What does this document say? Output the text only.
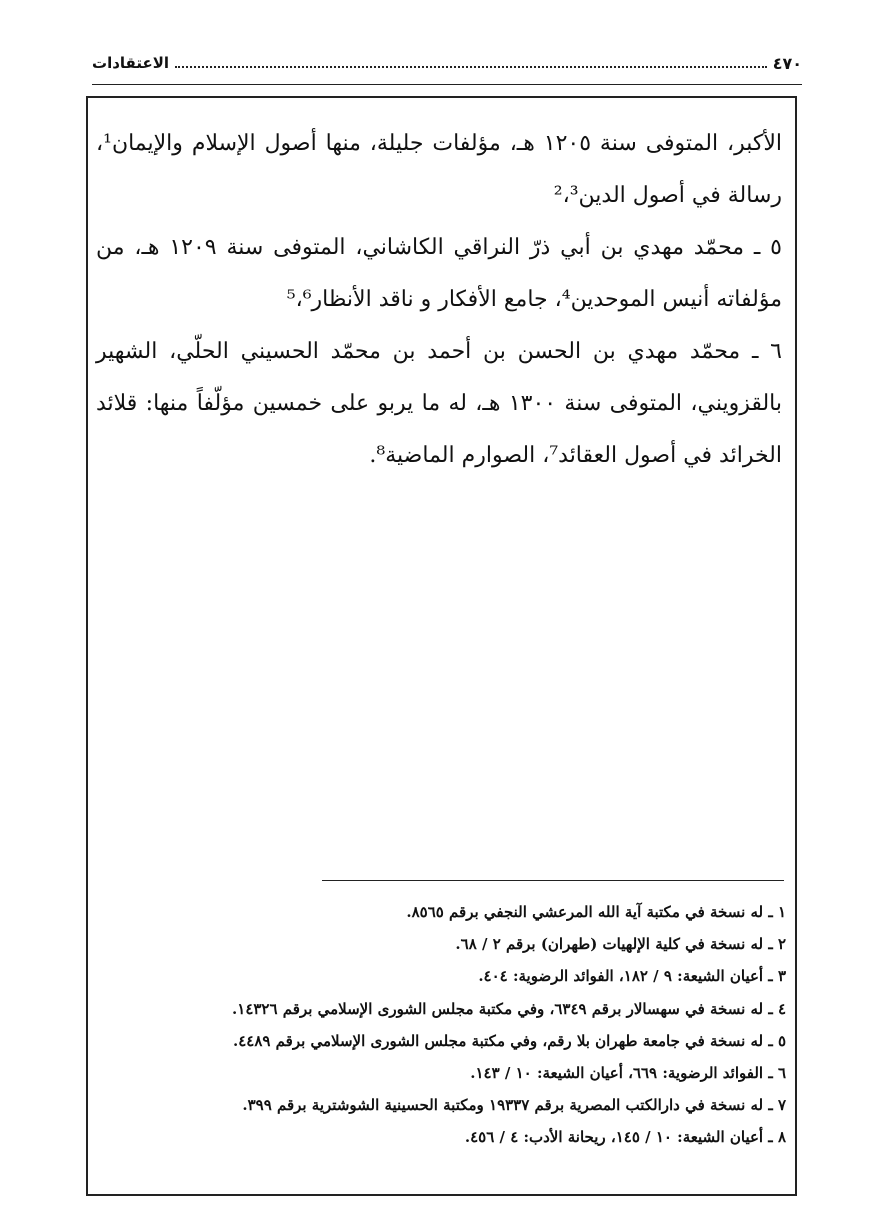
٤٧٠
الاعتقادات

الأكبر، المتوفى سنة ١٢٠٥ هـ، مؤلفات جليلة، منها أصول الإسلام والإيمان¹، رسالة في أصول الدين²،³

٥ ـ محمّد مهدي بن أبي ذرّ النراقي الكاشاني، المتوفى سنة ١٢٠٩ هـ، من مؤلفاته أنيس الموحدين⁴، جامع الأفكار و ناقد الأنظار⁵،⁶

٦ ـ محمّد مهدي بن الحسن بن أحمد بن محمّد الحسيني الحلّي، الشهير بالقزويني، المتوفى سنة ١٣٠٠ هـ، له ما يربو على خمسين مؤلّفاً منها: قلائد الخرائد في أصول العقائد⁷، الصوارم الماضية⁸.

١ ـ له نسخة في مكتبة آية الله المرعشي النجفي برقم ٨٥٦٥.
٢ ـ له نسخة في كلية الإلهيات (طهران) برقم ٢ / ٦٨.
٣ ـ أعيان الشيعة: ٩ / ١٨٢، الفوائد الرضوية: ٤٠٤.
٤ ـ له نسخة في سهسالار برقم ٦٣٤٩، وفي مكتبة مجلس الشورى الإسلامي برقم ١٤٣٢٦.
٥ ـ له نسخة في جامعة طهران بلا رقم، وفي مكتبة مجلس الشورى الإسلامي برقم ٤٤٨٩.
٦ ـ الفوائد الرضوية: ٦٦٩، أعيان الشيعة: ١٠ / ١٤٣.
٧ ـ له نسخة في دارالكتب المصرية برقم ١٩٣٣٧ ومكتبة الحسينية الشوشترية برقم ٣٩٩.
٨ ـ أعيان الشيعة: ١٠ / ١٤٥، ريحانة الأدب: ٤ / ٤٥٦.
